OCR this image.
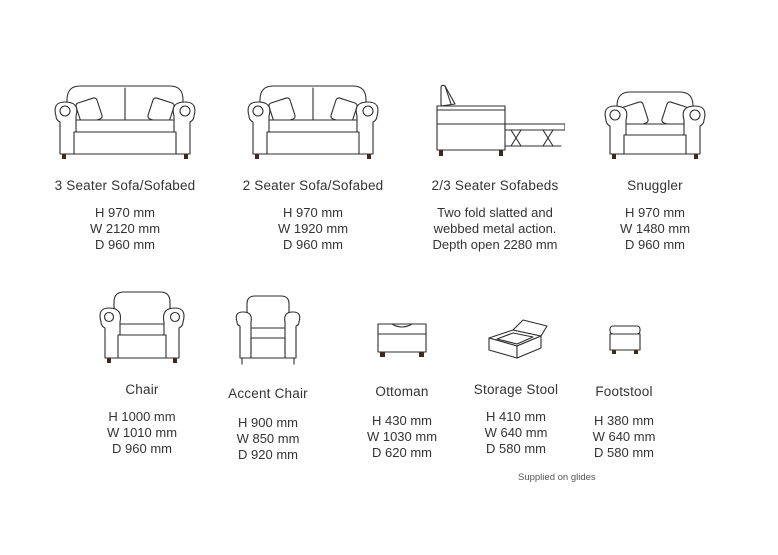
3 Seater Sofa/Sofabed
H 970 mm
W 2120 mm
D 960 mm
2 Seater Sofa/Sofabed
H 970 mm
W 1920 mm
D 960 mm
2/3 Seater Sofabeds
Two fold slatted and
webbed metal action.
Depth open 2280 mm
Snuggler
H 970 mm
W 1480 mm
D 960 mm
Chair
H 1000 mm
W 1010 mm
D 960 mm
Accent Chair
H 900 mm
W 850 mm
D 920 mm
Ottoman
H 430 mm
W 1030 mm
D 620 mm
Storage Stool
H 410 mm
W 640 mm
D 580 mm
Footstool
H 380 mm
W 640 mm
D 580 mm
Supplied on glides
